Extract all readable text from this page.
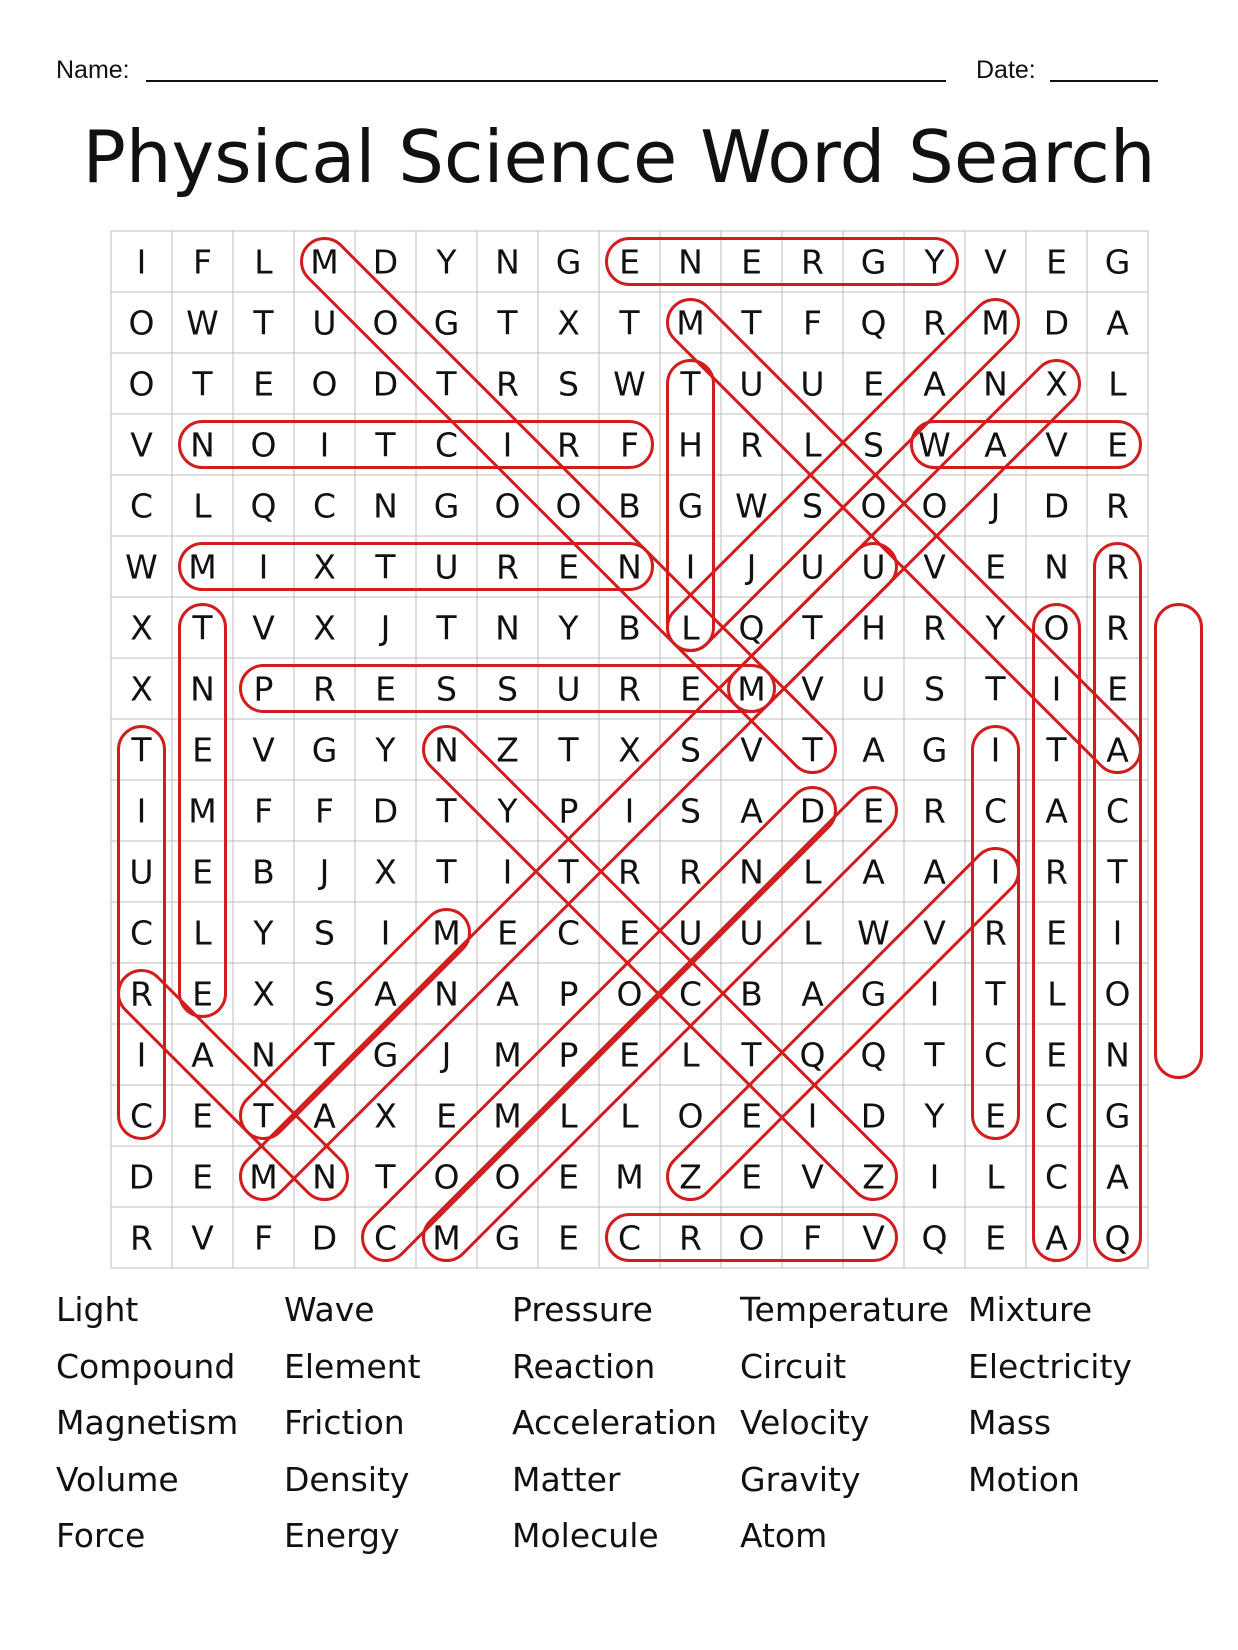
Name:	Date:
Physical Science Word Search
I F L M D Y N G E N E R G Y V E G
O W T U O G T X T M T F Q R M D A
O T E O D T R S W T U U E A N X L
V N O I T C I R F H R L S W A V E
C L Q C N G O O B G W S O O J D R
W M I X T U R E N I J U U V E N R
X T V X J T N Y B L Q T H R Y O R
X N P R E S S U R E M V U S T I E
T E V G Y N Z T X S V T A G I T A
I M F F D T Y P I S A D E R C A C
U E B J X T I T R R N L A A I R T
C L Y S I M E C E U U L W V R E I
R E X S A N A P O C B A G I T L O
I A N T G J M P E L T Q Q T C E N
C E T A X E M L L O E I D Y E C G
D E M N T O O E M Z E V Z I L C A
R V F D C M G E C R O F V Q E A Q
Light	Wave	Pressure	Temperature Mixture
Compound	Element	Reaction	Circuit	Electricity
Magnetism	Friction	Acceleration Velocity	Mass
Volume	Density	Matter	Gravity	Motion
Force	Energy	Molecule	Atom
